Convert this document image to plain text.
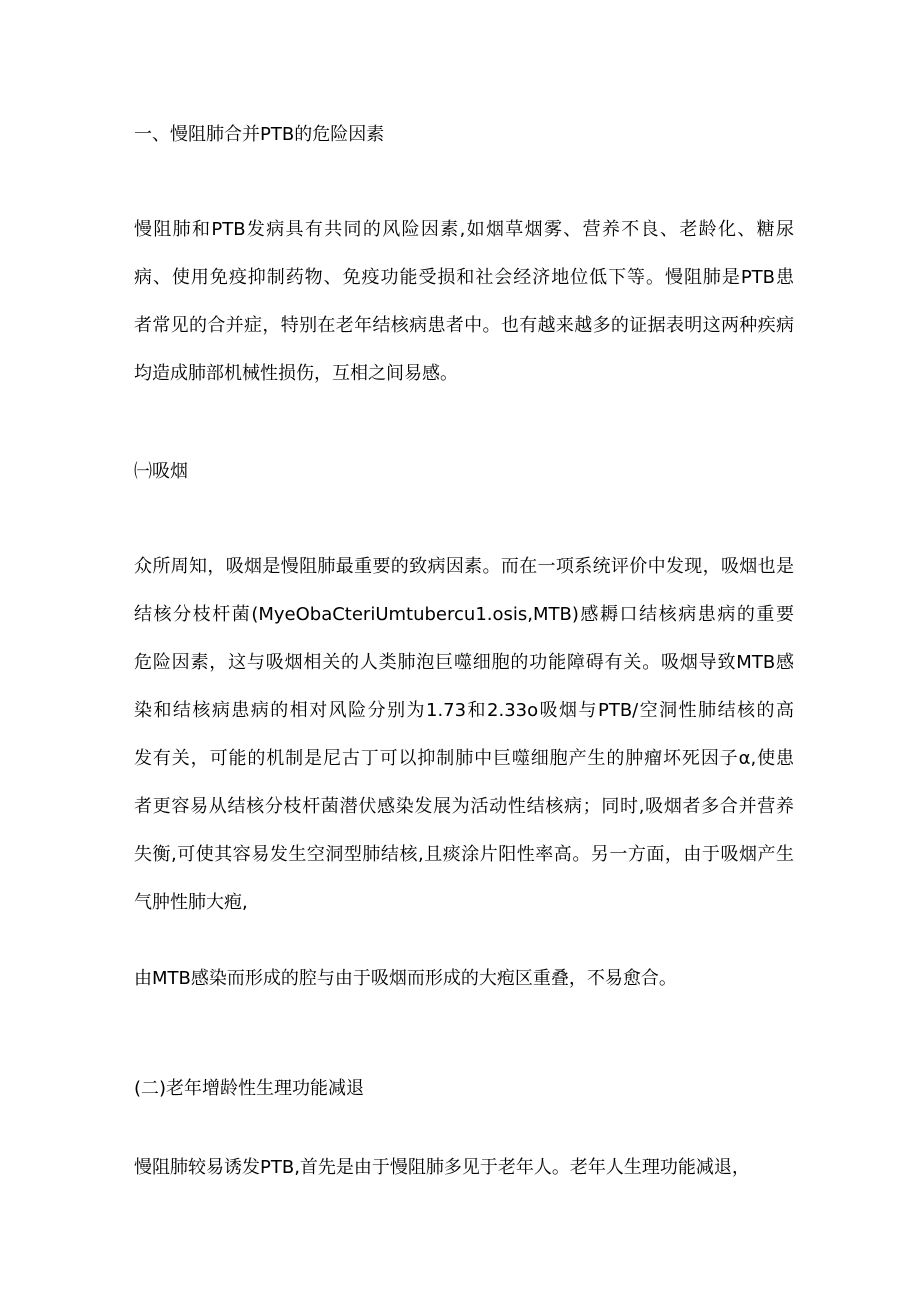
一、慢阻肺合并PTB的危险因素
慢阻肺和PTB发病具有共同的风险因素,如烟草烟雾、营养不良、老龄化、糖尿
病、使用免疫抑制药物、免疫功能受损和社会经济地位低下等。慢阻肺是PTB患
者常见的合并症，特别在老年结核病患者中。也有越来越多的证据表明这两种疾病
均造成肺部机械性损伤，互相之间易感。
㈠吸烟
众所周知，吸烟是慢阻肺最重要的致病因素。而在一项系统评价中发现，吸烟也是
结核分枝杆菌(MyeObaCteriUmtubercu1.osis,MTB)感耨口结核病患病的重要
危险因素，这与吸烟相关的人类肺泡巨噬细胞的功能障碍有关。吸烟导致MTB感
染和结核病患病的相对风险分别为1.73和2.33o吸烟与PTB/空洞性肺结核的高
发有关，可能的机制是尼古丁可以抑制肺中巨噬细胞产生的肿瘤坏死因子α,使患
者更容易从结核分枝杆菌潜伏感染发展为活动性结核病；同时,吸烟者多合并营养
失衡,可使其容易发生空洞型肺结核,且痰涂片阳性率高。另一方面，由于吸烟产生
气肿性肺大疱,
由MTB感染而形成的腔与由于吸烟而形成的大疱区重叠，不易愈合。
(二)老年增龄性生理功能减退
慢阻肺较易诱发PTB,首先是由于慢阻肺多见于老年人。老年人生理功能减退，
